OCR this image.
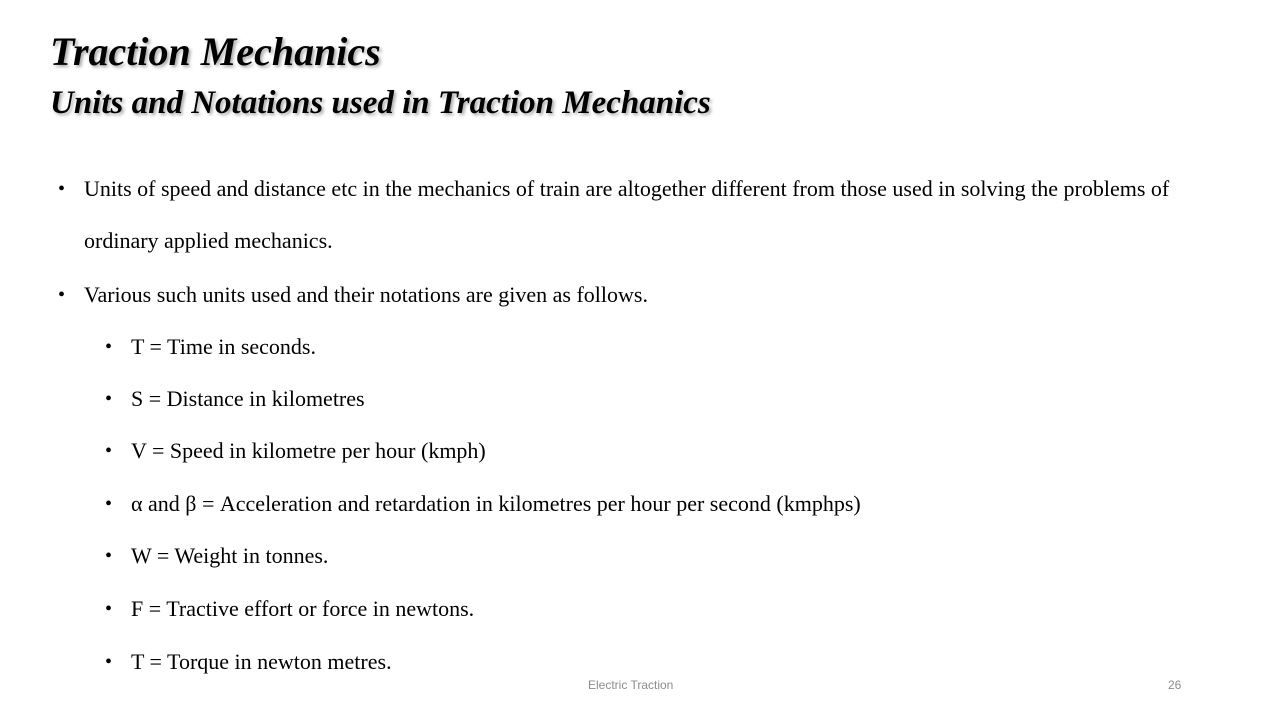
Traction Mechanics
Units and Notations used in Traction Mechanics
• Units of speed and distance etc in the mechanics of train are altogether different from those used in solving the problems of ordinary applied mechanics.
• Various such units used and their notations are given as follows.
• T = Time in seconds.
• S = Distance in kilometres
• V = Speed in kilometre per hour (kmph)
• α and β = Acceleration and retardation in kilometres per hour per second (kmphps)
• W = Weight in tonnes.
• F = Tractive effort or force in newtons.
• T = Torque in newton metres.
Electric Traction	26
